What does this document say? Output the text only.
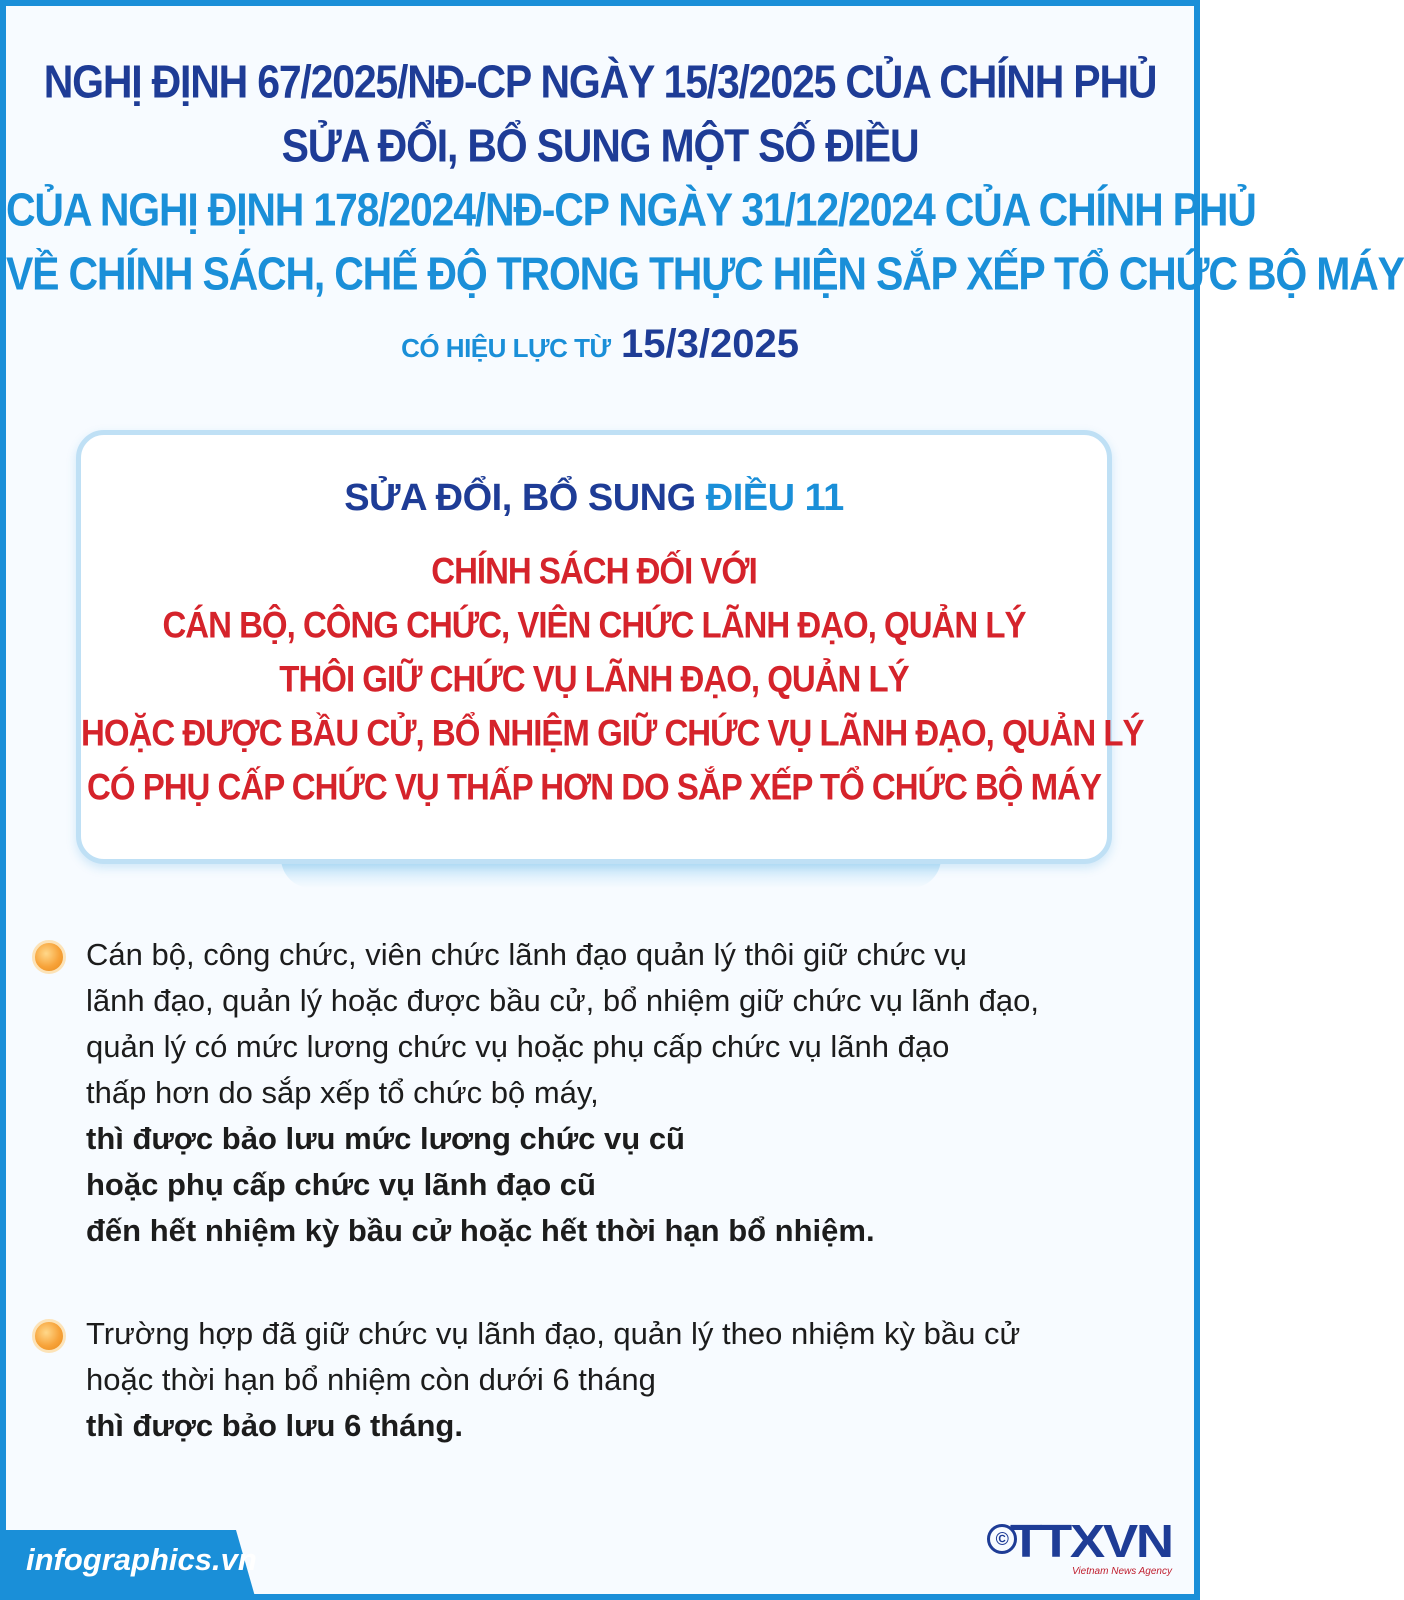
NGHỊ ĐỊNH 67/2025/NĐ-CP NGÀY 15/3/2025 CỦA CHÍNH PHỦ
SỬA ĐỔI, BỔ SUNG MỘT SỐ ĐIỀU
CỦA NGHỊ ĐỊNH 178/2024/NĐ-CP NGÀY 31/12/2024 CỦA CHÍNH PHỦ
VỀ CHÍNH SÁCH, CHẾ ĐỘ TRONG THỰC HIỆN SẮP XẾP TỔ CHỨC BỘ MÁY
CÓ HIỆU LỰC TỪ 15/3/2025
SỬA ĐỔI, BỔ SUNG ĐIỀU 11
CHÍNH SÁCH ĐỐI VỚI
CÁN BỘ, CÔNG CHỨC, VIÊN CHỨC LÃNH ĐẠO, QUẢN LÝ
THÔI GIỮ CHỨC VỤ LÃNH ĐẠO, QUẢN LÝ
HOẶC ĐƯỢC BẦU CỬ, BỔ NHIỆM GIỮ CHỨC VỤ LÃNH ĐẠO, QUẢN LÝ
CÓ PHỤ CẤP CHỨC VỤ THẤP HƠN DO SẮP XẾP TỔ CHỨC BỘ MÁY
Cán bộ, công chức, viên chức lãnh đạo quản lý thôi giữ chức vụ
lãnh đạo, quản lý hoặc được bầu cử, bổ nhiệm giữ chức vụ lãnh đạo,
quản lý có mức lương chức vụ hoặc phụ cấp chức vụ lãnh đạo
thấp hơn do sắp xếp tổ chức bộ máy,
thì được bảo lưu mức lương chức vụ cũ
hoặc phụ cấp chức vụ lãnh đạo cũ
đến hết nhiệm kỳ bầu cử hoặc hết thời hạn bổ nhiệm.
Trường hợp đã giữ chức vụ lãnh đạo, quản lý theo nhiệm kỳ bầu cử
hoặc thời hạn bổ nhiệm còn dưới 6 tháng
thì được bảo lưu 6 tháng.
infographics.vn
© TTXVN
Vietnam News Agency
